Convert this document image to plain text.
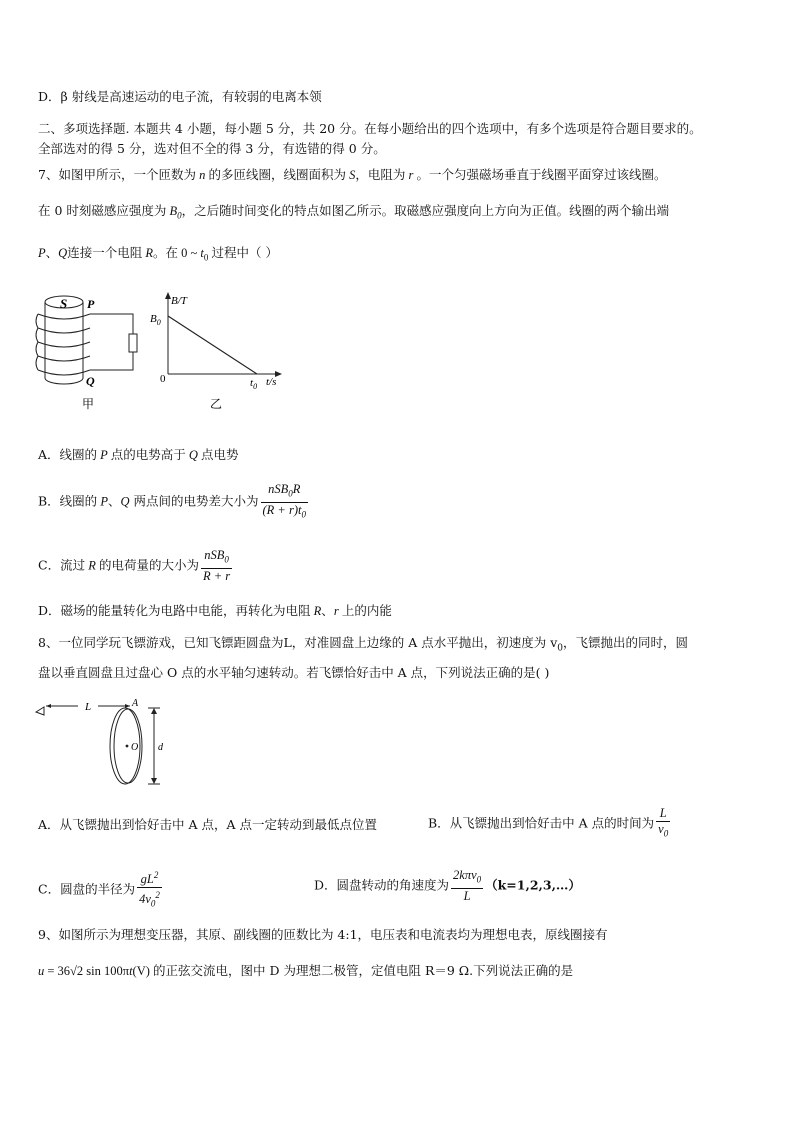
D．β 射线是高速运动的电子流，有较弱的电离本领
二、多项选择题. 本题共 4 小题，每小题 5 分，共 20 分。在每小题给出的四个选项中，有多个选项是符合题目要求的。
全部选对的得 5 分，选对但不全的得 3 分，有选错的得 0 分。
7、如图甲所示，一个匝数为 n 的多匝线圈，线圈面积为 S，电阻为 r 。一个匀强磁场垂直于线圈平面穿过该线圈。
在 0 时刻磁感应强度为 $B_0$，之后随时间变化的特点如图乙所示。取磁感应强度向上方向为正值。线圈的两个输出端
P、Q连接一个电阻 R。在 0 ~ $t_0$ 过程中（ ）
S P
Q
甲
B/T
$B_0$
0	$t_0$ t/s
乙
A．线圈的 P 点的电势高于 Q 点电势
B．线圈的 P、Q 两点间的电势差大小为 $\frac{nSB_0R}{(R + r)t_0}$
C．流过 R 的电荷量的大小为 $\frac{nSB_0}{R + r}$
D．磁场的能量转化为电路中电能，再转化为电阻 R、r 上的内能
8、一位同学玩飞镖游戏，已知飞镖距圆盘为L，对准圆盘上边缘的 A 点水平抛出，初速度为 $v_0$，飞镖抛出的同时，圆
盘以垂直圆盘且过盘心 O 点的水平轴匀速转动。若飞镖恰好击中 A 点，下列说法正确的是( )
L
O
A
d
A．从飞镖抛出到恰好击中 A 点，A 点一定转动到最低点位置	B．从飞镖抛出到恰好击中 A 点的时间为 $\frac{L}{v_0}$
C．圆盘的半径为 $\frac{gL^2}{4v_0^2}$	D．圆盘转动的角速度为 $\frac{2k\pi v_0}{L}$ （k=1,2,3,…）
9、如图所示为理想变压器，其原、副线圈的匝数比为 4:1，电压表和电流表均为理想电表，原线圈接有
u = 36√2 sin 100πt(V) 的正弦交流电，图中 D 为理想二极管，定值电阻 R＝9 Ω.下列说法正确的是
